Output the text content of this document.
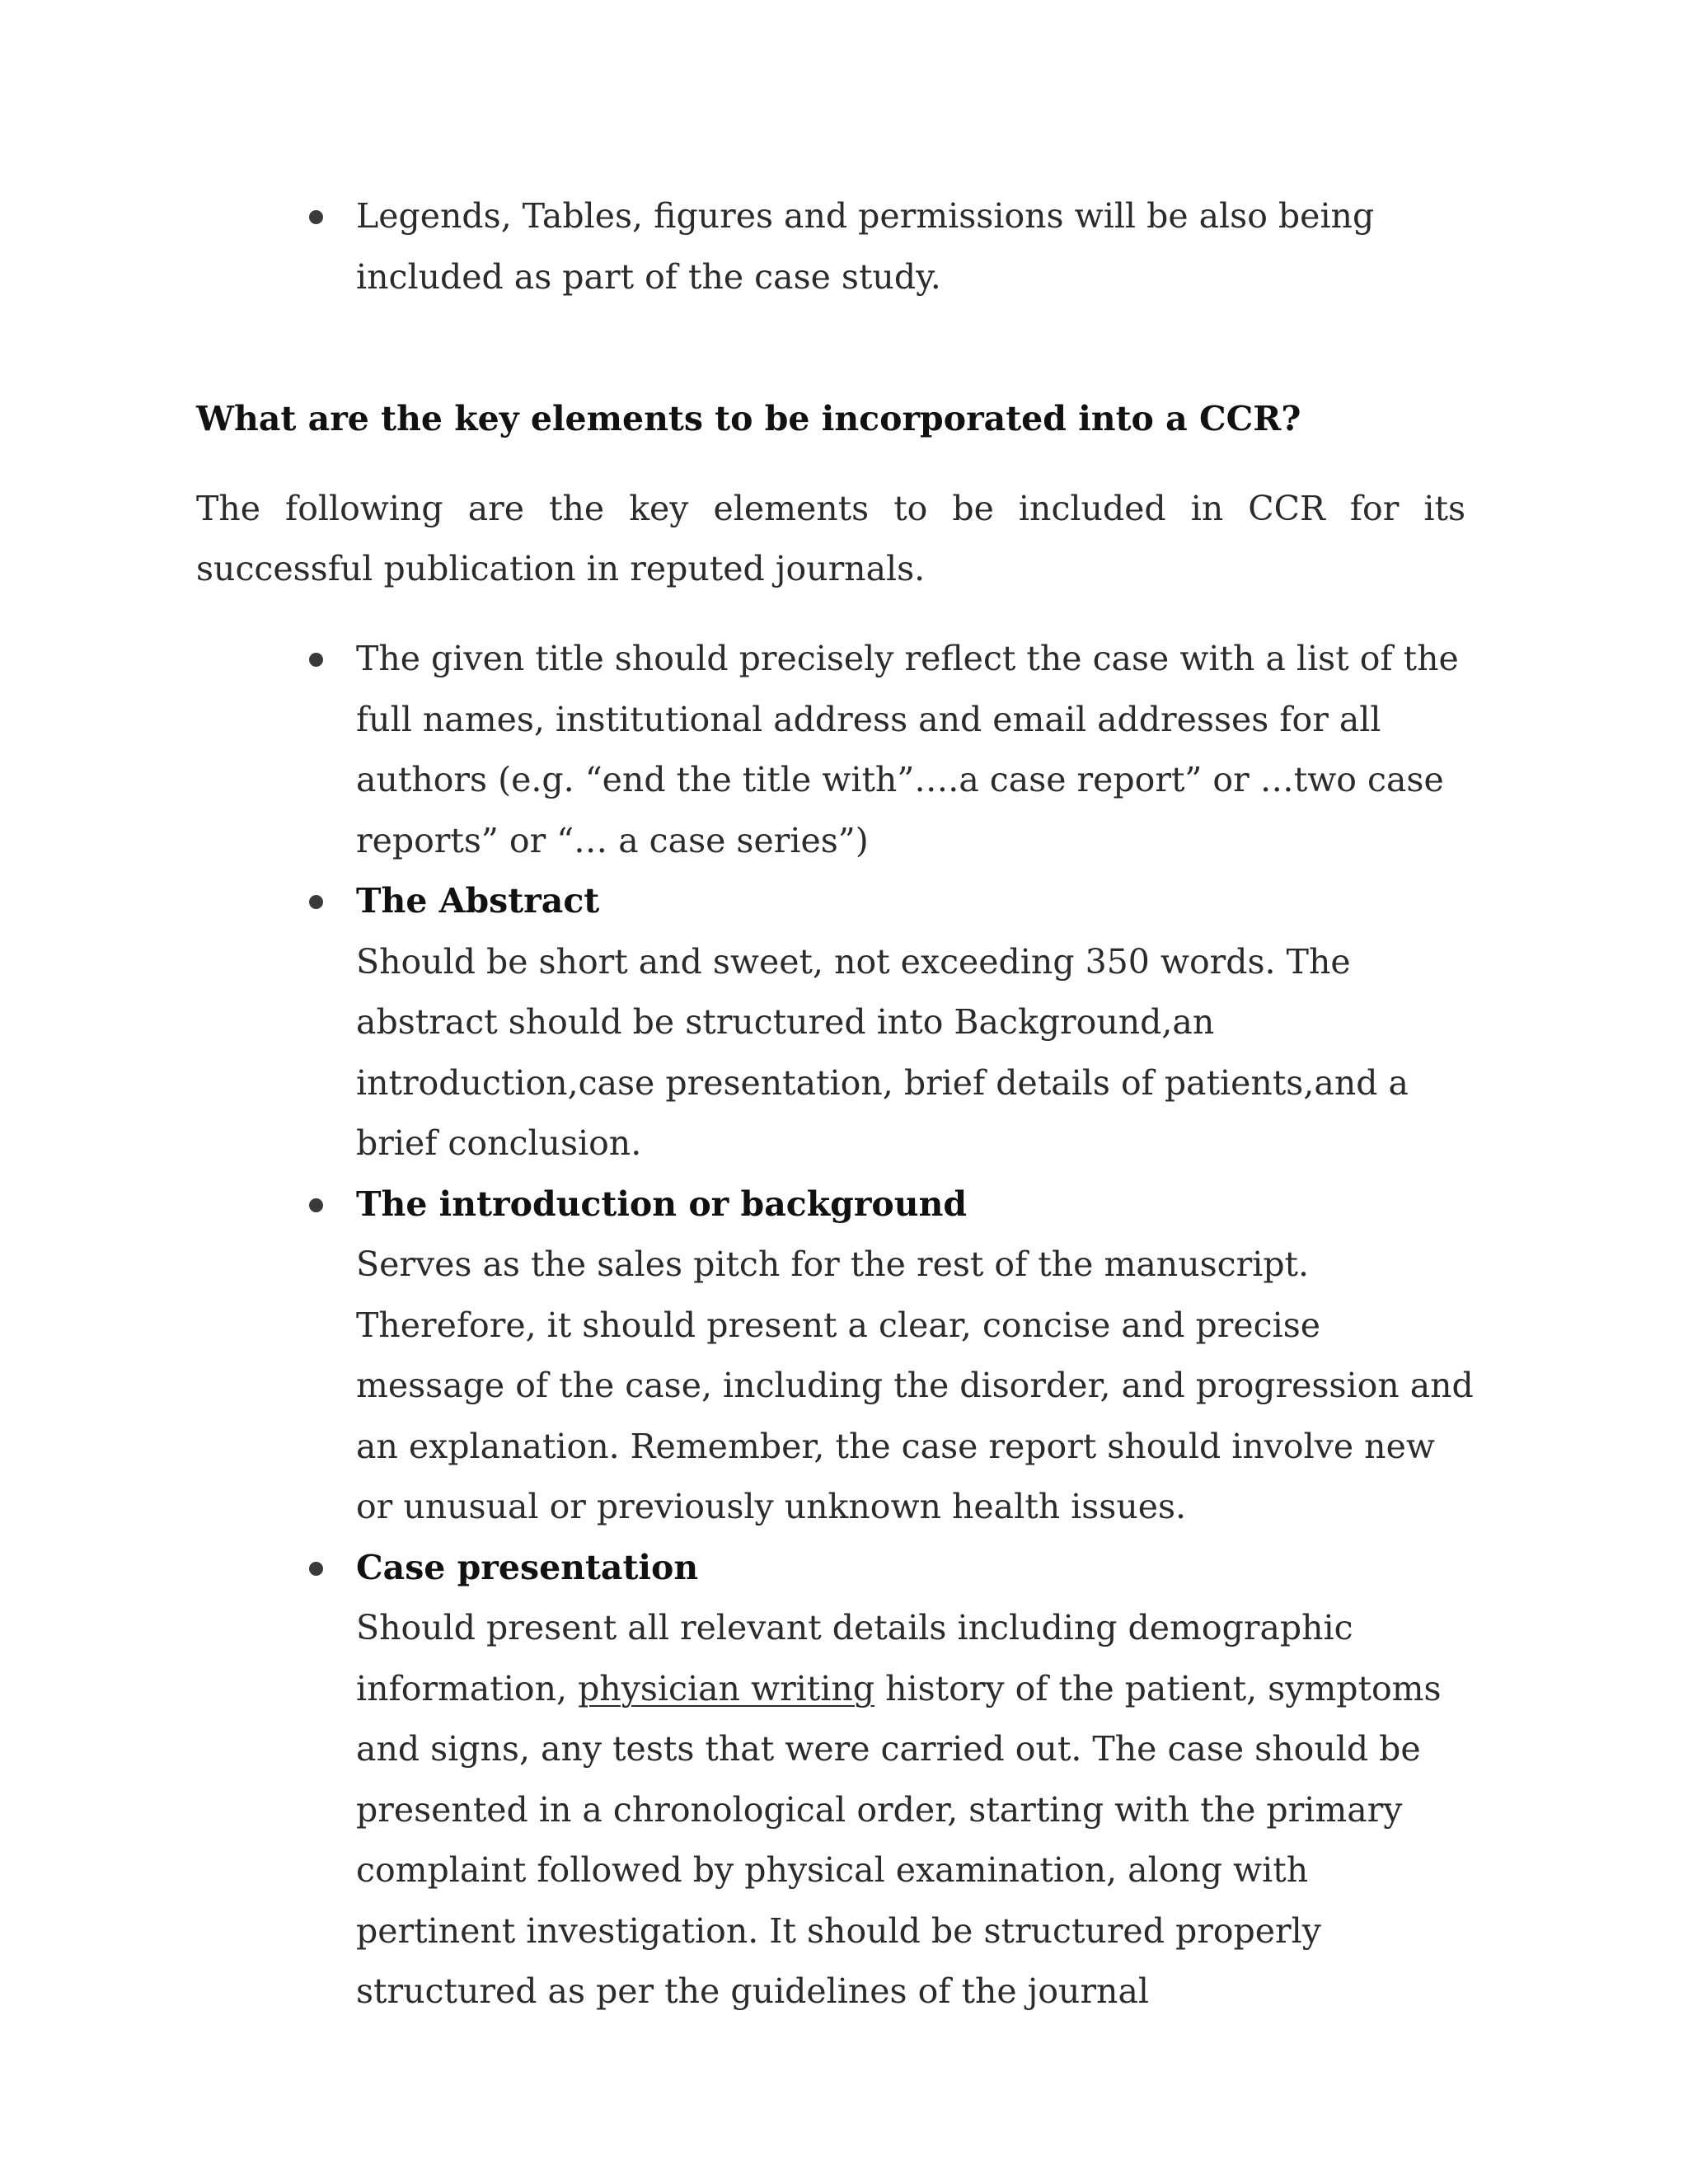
Legends, Tables, figures and permissions will be also being included as part of the case study.
What are the key elements to be incorporated into a CCR?

The following are the key elements to be included in CCR for its successful publication in reputed journals.

The given title should precisely reflect the case with a list of the full names, institutional address and email addresses for all authors (e.g. “end the title with”….a case report” or …two case reports” or “… a case series”)
The Abstract
Should be short and sweet, not exceeding 350 words. The abstract should be structured into Background,an introduction,case presentation, brief details of patients,and a brief conclusion.
The introduction or background
Serves as the sales pitch for the rest of the manuscript. Therefore, it should present a clear, concise and precise message of the case, including the disorder, and progression and an explanation. Remember, the case report should involve new or unusual or previously unknown health issues.
Case presentation
Should present all relevant details including demographic information, physician writing history of the patient, symptoms and signs, any tests that were carried out. The case should be presented in a chronological order, starting with the primary complaint followed by physical examination, along with pertinent investigation. It should be structured properly structured as per the guidelines of the journal
